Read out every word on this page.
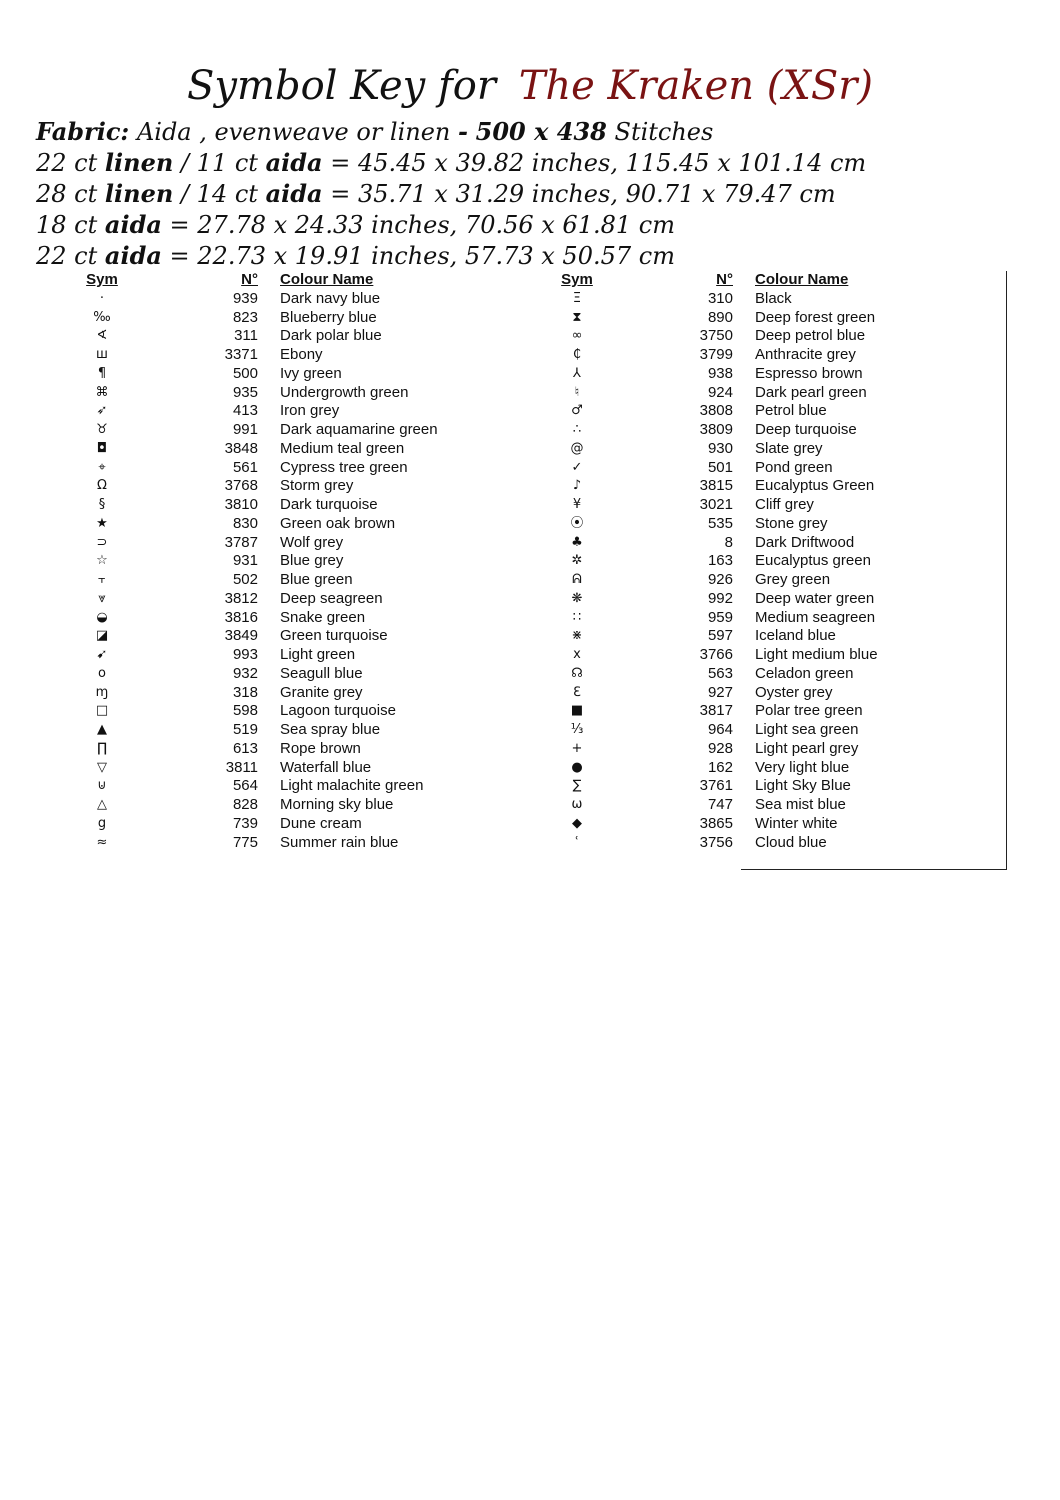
Symbol Key for The Kraken (XSr)
Fabric: Aida , evenweave or linen - 500 x 438 Stitches
22 ct linen / 11 ct aida = 45.45 x 39.82 inches, 115.45 x 101.14 cm
28 ct linen / 14 ct aida = 35.71 x 31.29 inches, 90.71 x 79.47 cm
18 ct aida = 27.78 x 24.33 inches, 70.56 x 61.81 cm
22 ct aida = 22.73 x 19.91 inches, 57.73 x 50.57 cm
Sym	N° Colour Name
·	939 Dark navy blue
‰	823 Blueberry blue
∢	311 Dark polar blue
ш	3371 Ebony
¶	500 Ivy green
⌘	935 Undergrowth green
➶	413 Iron grey
♉	991 Dark aquamarine green
◘	3848 Medium teal green
⌖	561 Cypress tree green
Ω	3768 Storm grey
§	3810 Dark turquoise
★	830 Green oak brown
⊃	3787 Wolf grey
☆	931 Blue grey
⫟	502 Blue green
⩔	3812 Deep seagreen
◒	3816 Snake green
◪	3849 Green turquoise
➹	993 Light green
o	932 Seagull blue
ɱ	318 Granite grey
□	598 Lagoon turquoise
▲	519 Sea spray blue
∏	613 Rope brown
▽	3811 Waterfall blue
⊍	564 Light malachite green
△	828 Morning sky blue
g	739 Dune cream
≈	775 Summer rain blue
Sym	N° Colour Name
Ξ	310 Black
⧗	890 Deep forest green
∞	3750 Deep petrol blue
₵	3799 Anthracite grey
⅄	938 Espresso brown
♮	924 Dark pearl green
♂	3808 Petrol blue
∴	3809 Deep turquoise
@	930 Slate grey
✓	501 Pond green
♪	3815 Eucalyptus Green
¥	3021 Cliff grey
⦿	535 Stone grey
♣	8 Dark Driftwood
✲	163 Eucalyptus green
ᕱ	926 Grey green
❋	992 Deep water green
∷	959 Medium seagreen
⋇	597 Iceland blue
x	3766 Light medium blue
☊	563 Celadon green
ℇ	927 Oyster grey
■	3817 Polar tree green
⅓	964 Light sea green
+	928 Light pearl grey
●	162 Very light blue
∑	3761 Light Sky Blue
ω	747 Sea mist blue
◆	3865 Winter white
ʿ	3756 Cloud blue
